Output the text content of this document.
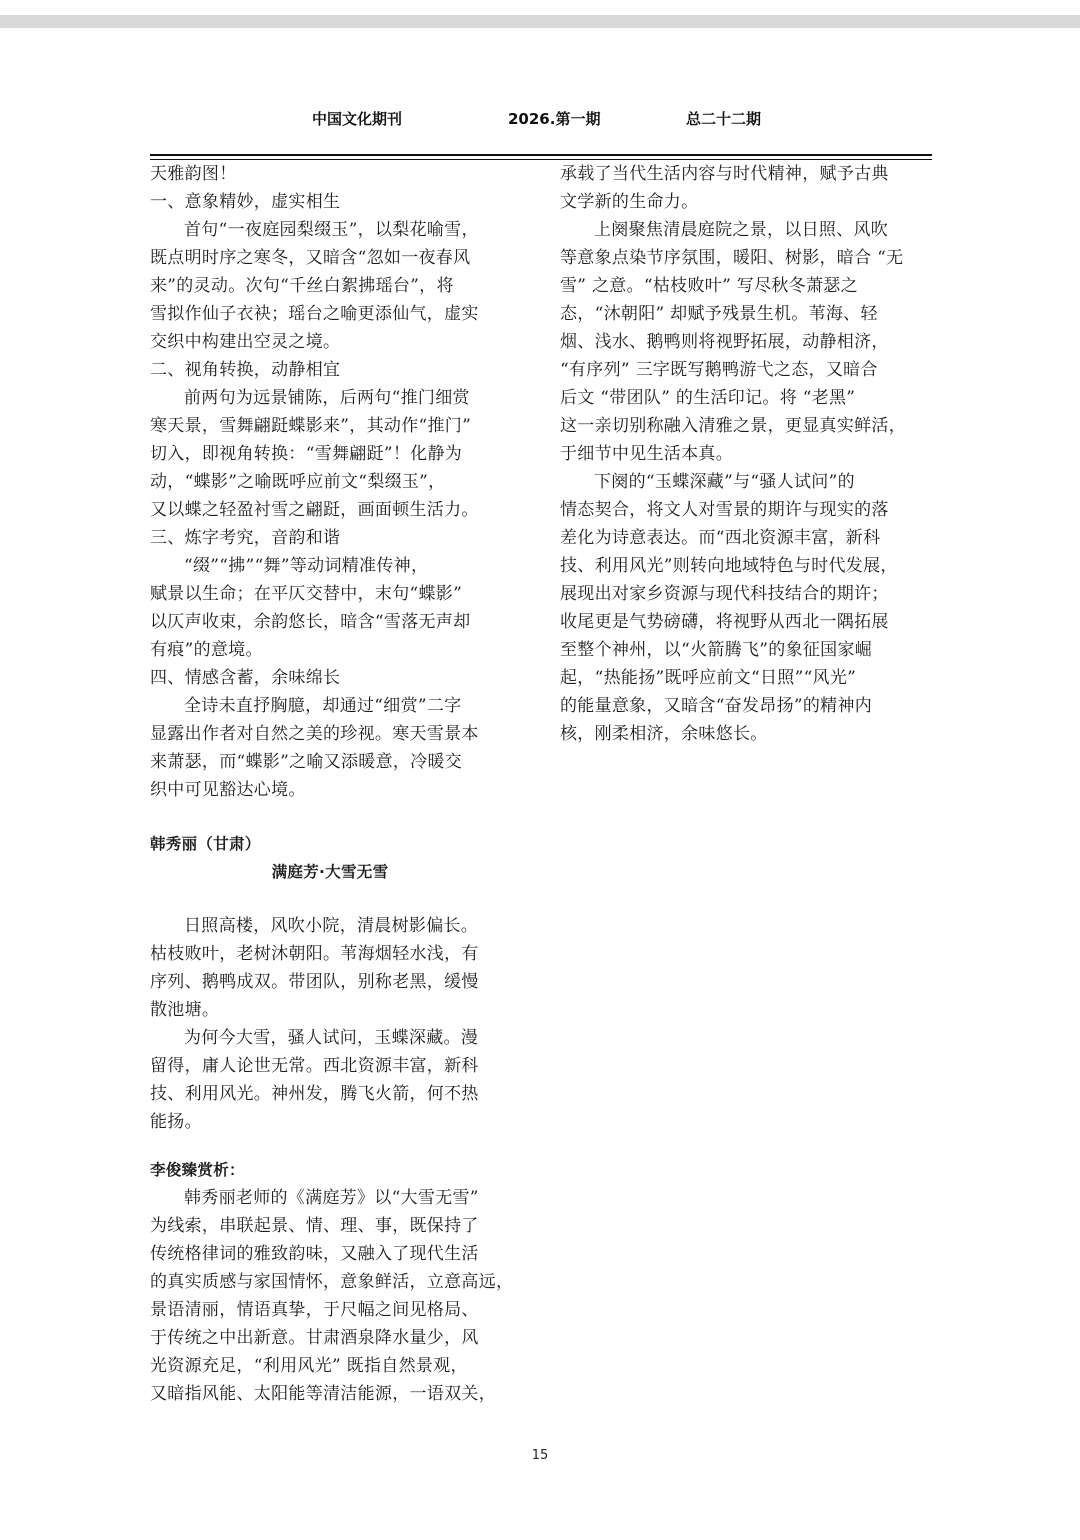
中国文化期刊	2026.第一期	总二十二期
天雅韵图！
一、意象精妙，虚实相生
首句“一夜庭园梨缀玉”，以梨花喻雪，
既点明时序之寒冬，又暗含“忽如一夜春风
来”的灵动。次句“千丝白絮拂瑶台”，将
雪拟作仙子衣袂；瑶台之喻更添仙气，虚实
交织中构建出空灵之境。
二、视角转换，动静相宜
前两句为远景铺陈，后两句“推门细赏
寒天景，雪舞翩跹蝶影来”，其动作“推门”
切入，即视角转换：“雪舞翩跹”！化静为
动，“蝶影”之喻既呼应前文“梨缀玉”，
又以蝶之轻盈衬雪之翩跹，画面顿生活力。
三、炼字考究，音韵和谐
“缀”“拂”“舞”等动词精准传神，
赋景以生命；在平仄交替中，末句“蝶影”
以仄声收束，余韵悠长，暗含“雪落无声却
有痕”的意境。
四、情感含蓄，余味绵长
全诗未直抒胸臆，却通过“细赏”二字
显露出作者对自然之美的珍视。寒天雪景本
来萧瑟，而“蝶影”之喻又添暖意，冷暖交
织中可见豁达心境。
韩秀丽（甘肃）
满庭芳·大雪无雪
日照高楼，风吹小院，清晨树影偏长。
枯枝败叶，老树沐朝阳。苇海烟轻水浅，有
序列、鹅鸭成双。带团队，别称老黑，缓慢
散池塘。
为何今大雪，骚人试问，玉蝶深藏。漫
留得，庸人论世无常。西北资源丰富，新科
技、利用风光。神州发，腾飞火箭，何不热
能扬。
李俊臻赏析：
韩秀丽老师的《满庭芳》以“大雪无雪”
为线索，串联起景、情、理、事，既保持了
传统格律词的雅致韵味，又融入了现代生活
的真实质感与家国情怀，意象鲜活，立意高远，
景语清丽，情语真挚，于尺幅之间见格局、
于传统之中出新意。甘肃酒泉降水量少，风
光资源充足，“利用风光” 既指自然景观，
又暗指风能、太阳能等清洁能源，一语双关，
承载了当代生活内容与时代精神，赋予古典
文学新的生命力。
上阕聚焦清晨庭院之景，以日照、风吹
等意象点染节序氛围，暖阳、树影，暗合 “无
雪” 之意。“枯枝败叶” 写尽秋冬萧瑟之
态，“沐朝阳” 却赋予残景生机。苇海、轻
烟、浅水、鹅鸭则将视野拓展，动静相济，
“有序列” 三字既写鹅鸭游弋之态，又暗合
后文 “带团队” 的生活印记。将 “老黑”
这一亲切别称融入清雅之景，更显真实鲜活，
于细节中见生活本真。
下阕的“玉蝶深藏”与“骚人试问”的
情态契合，将文人对雪景的期许与现实的落
差化为诗意表达。而“西北资源丰富，新科
技、利用风光”则转向地域特色与时代发展，
展现出对家乡资源与现代科技结合的期许；
收尾更是气势磅礴，将视野从西北一隅拓展
至整个神州，以“火箭腾飞”的象征国家崛
起，“热能扬”既呼应前文“日照”“风光”
的能量意象，又暗含“奋发昂扬”的精神内
核，刚柔相济，余味悠长。
15
